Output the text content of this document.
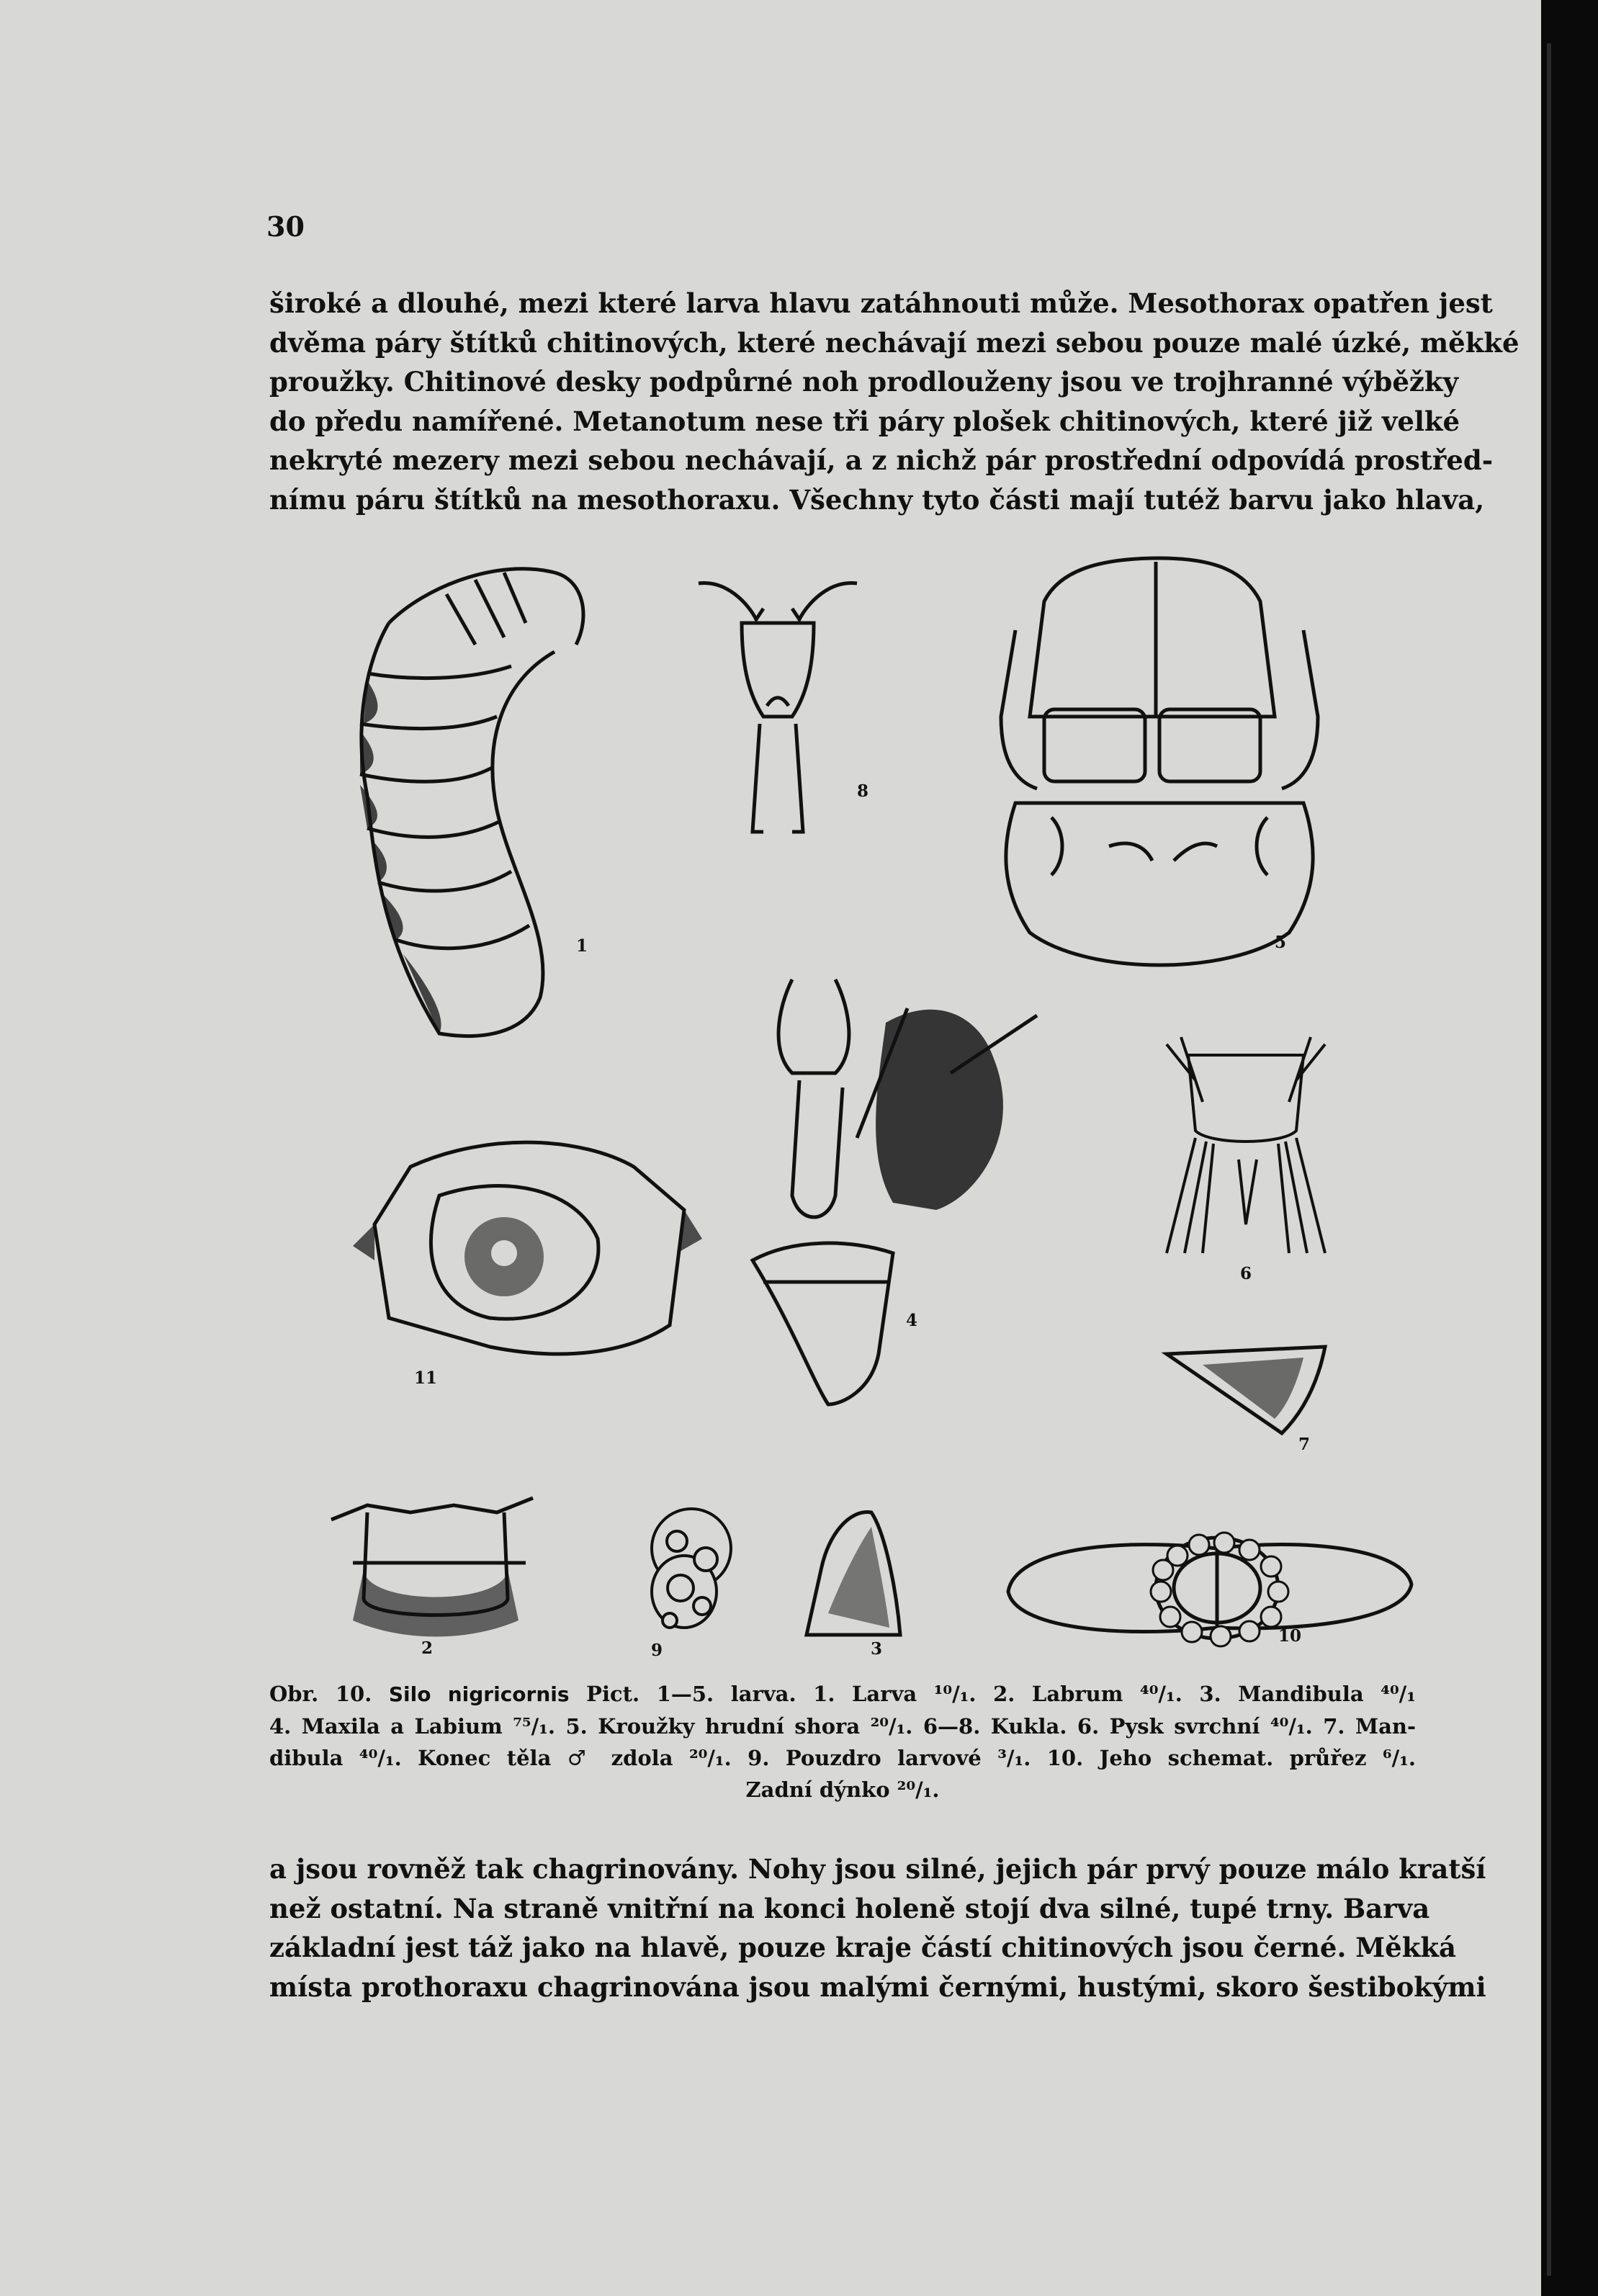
30
široké a dlouhé, mezi které larva hlavu zatáhnouti může. Mesothorax opatřen jest
dvěma páry štítků chitinových, které nechávají mezi sebou pouze malé úzké, měkké
proužky. Chitinové desky podpůrné noh prodlouženy jsou ve trojhranné výběžky
do předu namířené. Metanotum nese tři páry plošek chitinových, které již velké
nekryté mezery mezi sebou nechávají, a z nichž pár prostřední odpovídá prostřed-
nímu páru štítků na mesothoraxu. Všechny tyto části mají tutéž barvu jako hlava,
1
8
5
4
6
11
7
2	9	3
10
Obr. 10. Silo nigricornis Pict. 1—5. larva. 1. Larva ¹⁰/₁. 2. Labrum ⁴⁰/₁. 3. Mandibula ⁴⁰/₁
4. Maxila a Labium ⁷⁵/₁. 5. Kroužky hrudní shora ²⁰/₁. 6—8. Kukla. 6. Pysk svrchní ⁴⁰/₁. 7. Man-
dibula ⁴⁰/₁. Konec těla ♂ zdola ²⁰/₁. 9. Pouzdro larvové ³/₁. 10. Jeho schemat. průřez ⁶/₁.
Zadní dýnko ²⁰/₁.
a jsou rovněž tak chagrinovány. Nohy jsou silné, jejich pár prvý pouze málo kratší
než ostatní. Na straně vnitřní na konci holeně stojí dva silné, tupé trny. Barva
základní jest táž jako na hlavě, pouze kraje částí chitinových jsou černé. Měkká
místa prothoraxu chagrinována jsou malými černými, hustými, skoro šestibokými
